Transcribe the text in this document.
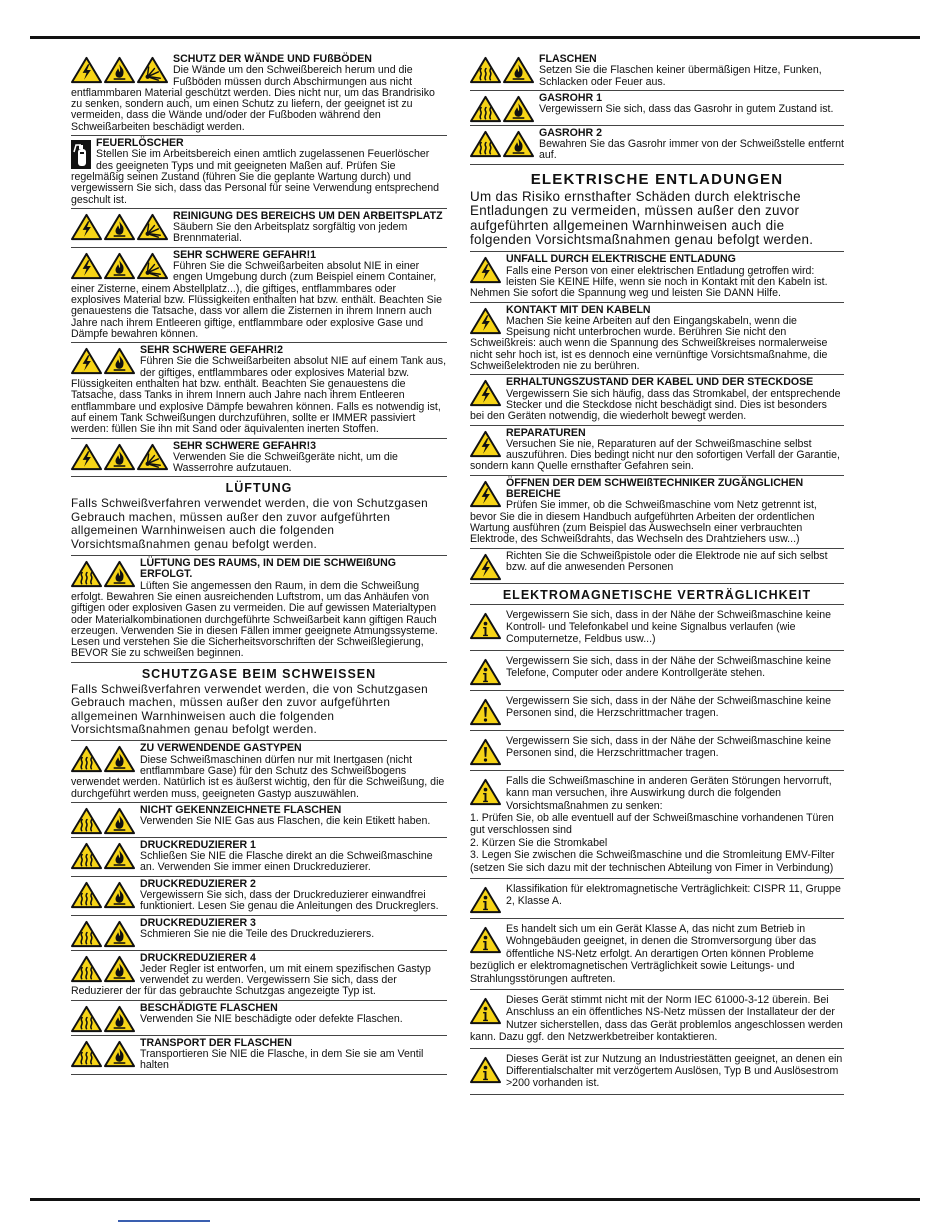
SCHUTZ DER WÄNDE UND FUßBÖDEN

Die Wände um den Schweißbereich herum und die Fußböden müssen durch Abschirmungen aus nicht entflammbaren Material geschützt werden. Dies nicht nur, um das Brandrisiko zu senken, sondern auch, um einen Schutz zu liefern, der geeignet ist zu vermeiden, dass die Wände und/oder der Fußboden während den Schweißarbeiten beschädigt werden.

FEUERLÖSCHER

Stellen Sie im Arbeitsbereich einen amtlich zugelassenen Feuerlöscher des geeigneten Typs und mit geeigneten Maßen auf. Prüfen Sie regelmäßig seinen Zustand (führen Sie die geplante Wartung durch) und vergewissern Sie sich, dass das Personal für seine Verwendung entsprechend geschult ist.

REINIGUNG DES BEREICHS UM DEN ARBEITSPLATZ

Säubern Sie den Arbeitsplatz sorgfältig von jedem Brennmaterial.

SEHR SCHWERE GEFAHR!1

Führen Sie die Schweißarbeiten absolut NIE in einer engen Umgebung durch (zum Beispiel einem Container, einer Zisterne, einem Abstellplatz...), die giftiges, entflammbares oder explosives Material bzw. Flüssigkeiten enthalten hat bzw. enthält. Beachten Sie genauestens die Tatsache, dass vor allem die Zisternen in ihrem Innern auch Jahre nach ihrem Entleeren giftige, entflammbare oder explosive Gase und Dämpfe bewahren können.

SEHR SCHWERE GEFAHR!2

Führen Sie die Schweißarbeiten absolut NIE auf einem Tank aus, der giftiges, entflammbares oder explosives Material bzw. Flüssigkeiten enthalten hat bzw. enthält. Beachten Sie genauestens die Tatsache, dass Tanks in ihrem Innern auch Jahre nach ihrem Entleeren entflammbare und explosive Dämpfe bewahren können. Falls es notwendig ist, auf einem Tank Schweißungen durchzuführen, sollte er IMMER passiviert werden: füllen Sie ihn mit Sand oder äquivalenten inerten Stoffen.

SEHR SCHWERE GEFAHR!3

Verwenden Sie die Schweißgeräte nicht, um die Wasserrohre aufzutauen.

LÜFTUNG
Falls Schweißverfahren verwendet werden, die von Schutzgasen Gebrauch machen, müssen außer den zuvor aufgeführten allgemeinen Warnhinweisen auch die folgenden Vorsichtsmaßnahmen genau befolgt werden.
LÜFTUNG DES RAUMS, IN DEM DIE SCHWEIßUNG ERFOLGT.

Lüften Sie angemessen den Raum, in dem die Schweißung erfolgt. Bewahren Sie einen ausreichenden Luftstrom, um das Anhäufen von giftigen oder explosiven Gasen zu vermeiden. Die auf gewissen Materialtypen oder Materialkombinationen durchgeführte Schweißarbeit kann giftigen Rauch erzeugen. Verwenden Sie in diesen Fällen immer geeignete Atmungssysteme. Lesen und verstehen Sie die Sicherheitsvorschriften der Schweißlegierung, BEVOR Sie zu schweißen beginnen.

SCHUTZGASE BEIM SCHWEISSEN
Falls Schweißverfahren verwendet werden, die von Schutzgasen Gebrauch machen, müssen außer den zuvor aufgeführten allgemeinen Warnhinweisen auch die folgenden Vorsichtsmaßnahmen genau befolgt werden.
ZU VERWENDENDE GASTYPEN

Diese Schweißmaschinen dürfen nur mit Inertgasen (nicht entflammbare Gase) für den Schutz des Schweißbogens verwendet werden. Natürlich ist es äußerst wichtig, den für die Schweißung, die durchgeführt werden muss, geeigneten Gastyp auszuwählen.

NICHT GEKENNZEICHNETE FLASCHEN

Verwenden Sie NIE Gas aus Flaschen, die kein Etikett haben.

DRUCKREDUZIERER 1

Schließen Sie NIE die Flasche direkt an die Schweißmaschine an. Verwenden Sie immer einen Druckreduzierer.

DRUCKREDUZIERER 2

Vergewissern Sie sich, dass der Druckreduzierer einwandfrei funktioniert. Lesen Sie genau die Anleitungen des Druckreglers.

DRUCKREDUZIERER 3

Schmieren Sie nie die Teile des Druckreduzierers.

DRUCKREDUZIERER 4

Jeder Regler ist entworfen, um mit einem spezifischen Gastyp verwendet zu werden. Vergewissern Sie sich, dass der Reduzierer der für das gebrauchte Schutzgas angezeigte Typ ist.

BESCHÄDIGTE FLASCHEN

Verwenden Sie NIE beschädigte oder defekte Flaschen.

TRANSPORT DER FLASCHEN

Transportieren Sie NIE die Flasche, in dem Sie sie am Ventil halten

FLASCHEN

Setzen Sie die Flaschen keiner übermäßigen Hitze, Funken, Schlacken oder Feuer aus.

GASROHR 1

Vergewissern Sie sich, dass das Gasrohr in gutem Zustand ist.

GASROHR 2

Bewahren Sie das Gasrohr immer von der Schweißstelle entfernt auf.

ELEKTRISCHE ENTLADUNGEN
Um das Risiko ernsthafter Schäden durch elektrische Entladungen zu vermeiden, müssen außer den zuvor aufgeführten allgemeinen Warnhinweisen auch die folgenden Vorsichtsmaßnahmen genau befolgt werden.
UNFALL DURCH ELEKTRISCHE ENTLADUNG

Falls eine Person von einer elektrischen Entladung getroffen wird: leisten Sie KEINE Hilfe, wenn sie noch in Kontakt mit den Kabeln ist. Nehmen Sie sofort die Spannung weg und leisten Sie DANN Hilfe.

KONTAKT MIT DEN KABELN

Machen Sie keine Arbeiten auf den Eingangskabeln, wenn die Speisung nicht unterbrochen wurde. Berühren Sie nicht den Schweißkreis: auch wenn die Spannung des Schweißkreises normalerweise nicht sehr hoch ist, ist es dennoch eine vernünftige Vorsichtsmaßnahme, die Schweißelektroden nie zu berühren.

ERHALTUNGSZUSTAND DER KABEL UND DER STECKDOSE

Vergewissern Sie sich häufig, dass das Stromkabel, der entsprechende Stecker und die Steckdose nicht beschädigt sind. Dies ist besonders bei den Geräten notwendig, die wiederholt bewegt werden.

REPARATUREN

Versuchen Sie nie, Reparaturen auf der Schweißmaschine selbst auszuführen. Dies bedingt nicht nur den sofortigen Verfall der Garantie, sondern kann Quelle ernsthafter Gefahren sein.

ÖFFNEN DER DEM SCHWEIßTECHNIKER ZUGÄNGLICHEN BEREICHE

Prüfen Sie immer, ob die Schweißmaschine vom Netz getrennt ist, bevor Sie die in diesem Handbuch aufgeführten Arbeiten der ordentlichen Wartung ausführen (zum Beispiel das Auswechseln einer verbrauchten Elektrode, des Schweißdrahts, das Wechseln des Drahtziehers usw...)

Richten Sie die Schweißpistole oder die Elektrode nie auf sich selbst bzw. auf die anwesenden Personen

ELEKTROMAGNETISCHE VERTRÄGLICHKEIT

Vergewissern Sie sich, dass in der Nähe der Schweißmaschine keine Kontroll- und Telefonkabel und keine Signalbus verlaufen (wie Computernetze, Feldbus usw...)

Vergewissern Sie sich, dass in der Nähe der Schweißmaschine keine Telefone, Computer oder andere Kontrollgeräte stehen.

Vergewissern Sie sich, dass in der Nähe der Schweißmaschine keine Personen sind, die Herzschrittmacher tragen.

Vergewissern Sie sich, dass in der Nähe der Schweißmaschine keine Personen sind, die Herzschrittmacher tragen.

Falls die Schweißmaschine in anderen Geräten Störungen hervorruft, kann man versuchen, ihre Auswirkung durch die folgenden Vorsichtsmaßnahmen zu senken:

1. Prüfen Sie, ob alle eventuell auf der Schweißmaschine vorhandenen Türen gut verschlossen sind

2. Kürzen Sie die Stromkabel

3. Legen Sie zwischen die Schweißmaschine und die Stromleitung EMV-Filter (setzen Sie sich dazu mit der technischen Abteilung von Fimer in Verbindung)

Klassifikation für elektromagnetische Verträglichkeit: CISPR 11, Gruppe 2, Klasse A.

Es handelt sich um ein Gerät Klasse A, das nicht zum Betrieb in Wohngebäuden geeignet, in denen die Stromversorgung über das öffentliche NS-Netz erfolgt. An derartigen Orten können Probleme bezüglich er elektromagnetischen Verträglichkeit sowie Leitungs- und Strahlungsstörungen auftreten.

Dieses Gerät stimmt nicht mit der Norm IEC 61000-3-12 überein. Bei Anschluss an ein öffentliches NS-Netz müssen der Installateur der der Nutzer sicherstellen, dass das Gerät problemlos angeschlossen werden kann. Dazu ggf. den Netzwerkbetreiber kontaktieren.

Dieses Gerät ist zur Nutzung an Industriestätten geeignet, an denen ein Differentialschalter mit verzögertem Auslösen, Typ B und Auslösestrom >200 vorhanden ist.
